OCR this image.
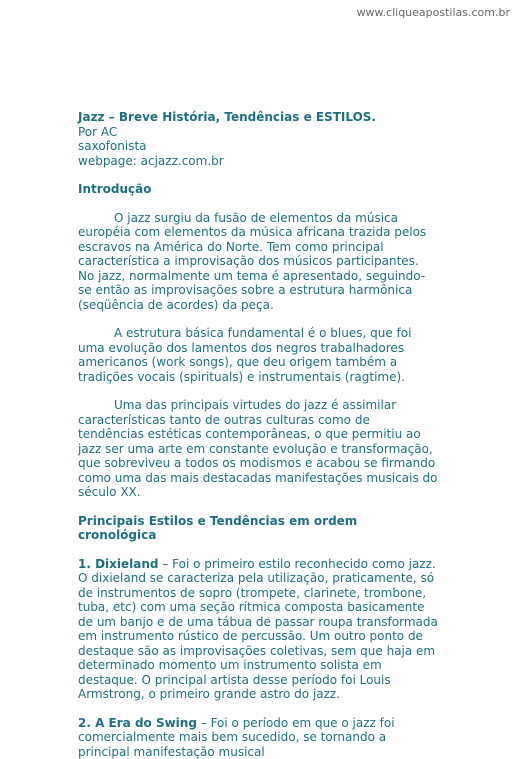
www.cliqueapostilas.com.br
Jazz – Breve História, Tendências e ESTILOS.
Por AC
saxofonista
webpage: acjazz.com.br
Introdução

O jazz surgiu da fusão de elementos da música européia com elementos da música africana trazida pelos escravos na América do Norte. Tem como principal característica a improvisação dos músicos participantes. No jazz, normalmente um tema é apresentado, seguindo-se então as improvisações sobre a estrutura harmônica (seqüência de acordes) da peça.

A estrutura básica fundamental é o blues, que foi uma evolução dos lamentos dos negros trabalhadores americanos (work songs), que deu origem também a tradições vocais (spirituals) e instrumentais (ragtime).

Uma das principais virtudes do jazz é assimilar características tanto de outras culturas como de tendências estéticas contemporâneas, o que permitiu ao jazz ser uma arte em constante evolução e transformação, que sobreviveu a todos os modismos e acabou se firmando como uma das mais destacadas manifestações musicais do século XX.

Principais Estilos e Tendências em ordem cronológica

1. Dixieland – Foi o primeiro estilo reconhecido como jazz. O dixieland se caracteriza pela utilização, praticamente, só de instrumentos de sopro (trompete, clarinete, trombone, tuba, etc) com uma seção rítmica composta basicamente de um banjo e de uma tábua de passar roupa transformada em instrumento rústico de percussão. Um outro ponto de destaque são as improvisações coletivas, sem que haja em determinado momento um instrumento solista em destaque. O principal artista desse período foi Louis Armstrong, o primeiro grande astro do jazz.

2. A Era do Swing – Foi o período em que o jazz foi comercialmente mais bem sucedido, se tornando a principal manifestação musical
